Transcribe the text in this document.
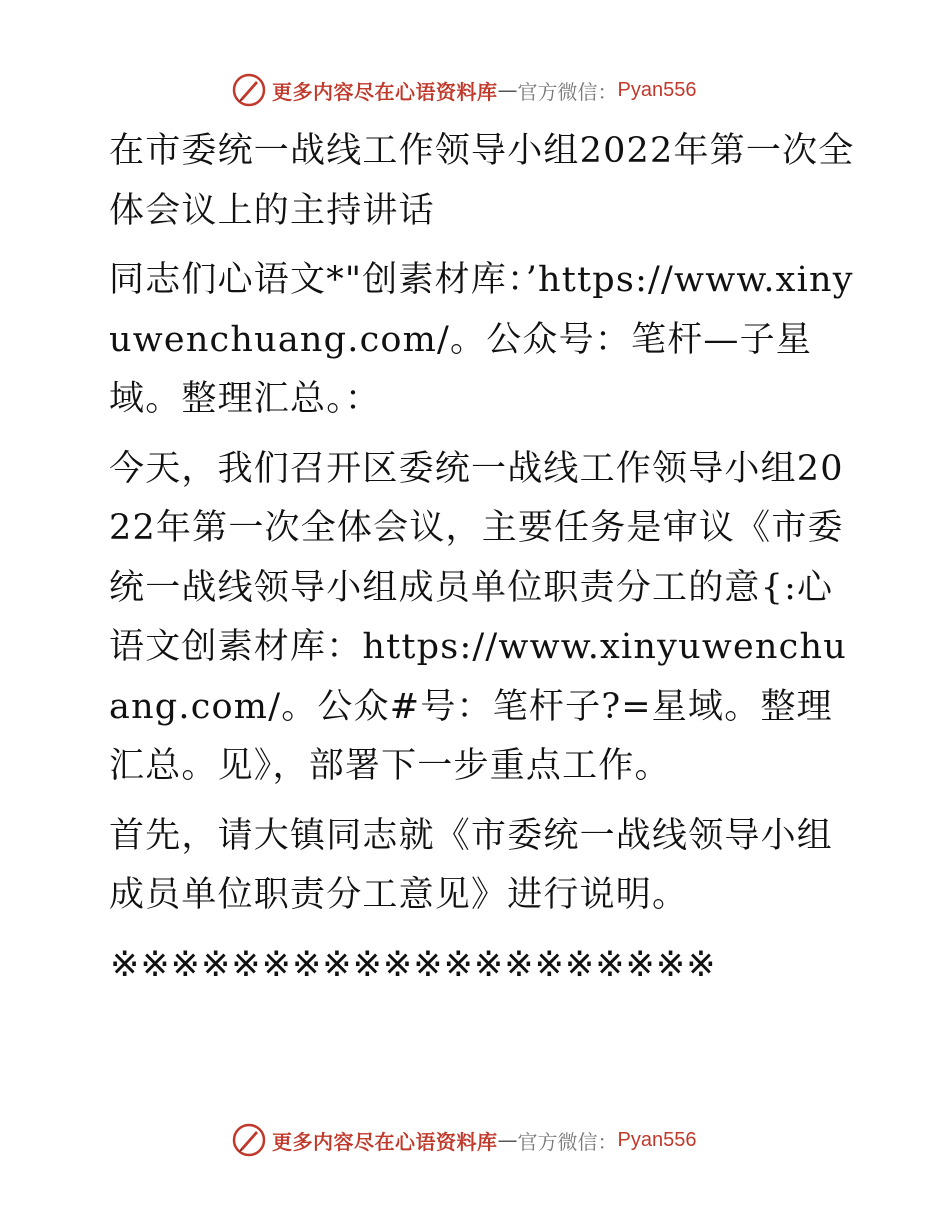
更多内容尽在心语资料库 — 官方微信： Pyan556

在市委统一战线工作领导小组2022年第一次全体会议上的主持讲话

同志们心语文*"创素材库：’https://www.xinyuwenchuang.com/。公众号：笔杆—子星域。整理汇总。：

今天，我们召开区委统一战线工作领导小组2022年第一次全体会议，主要任务是审议《市委统一战线领导小组成员单位职责分工的意{:心语文创素材库：https://www.xinyuwenchuang.com/。公众#号：笔杆子?=星域。整理汇总。见》，部署下一步重点工作。

首先，请大镇同志就《市委统一战线领导小组成员单位职责分工意见》进行说明。

※※※※※※※※※※※※※※※※※※※※
更多内容尽在心语资料库 — 官方微信： Pyan556
